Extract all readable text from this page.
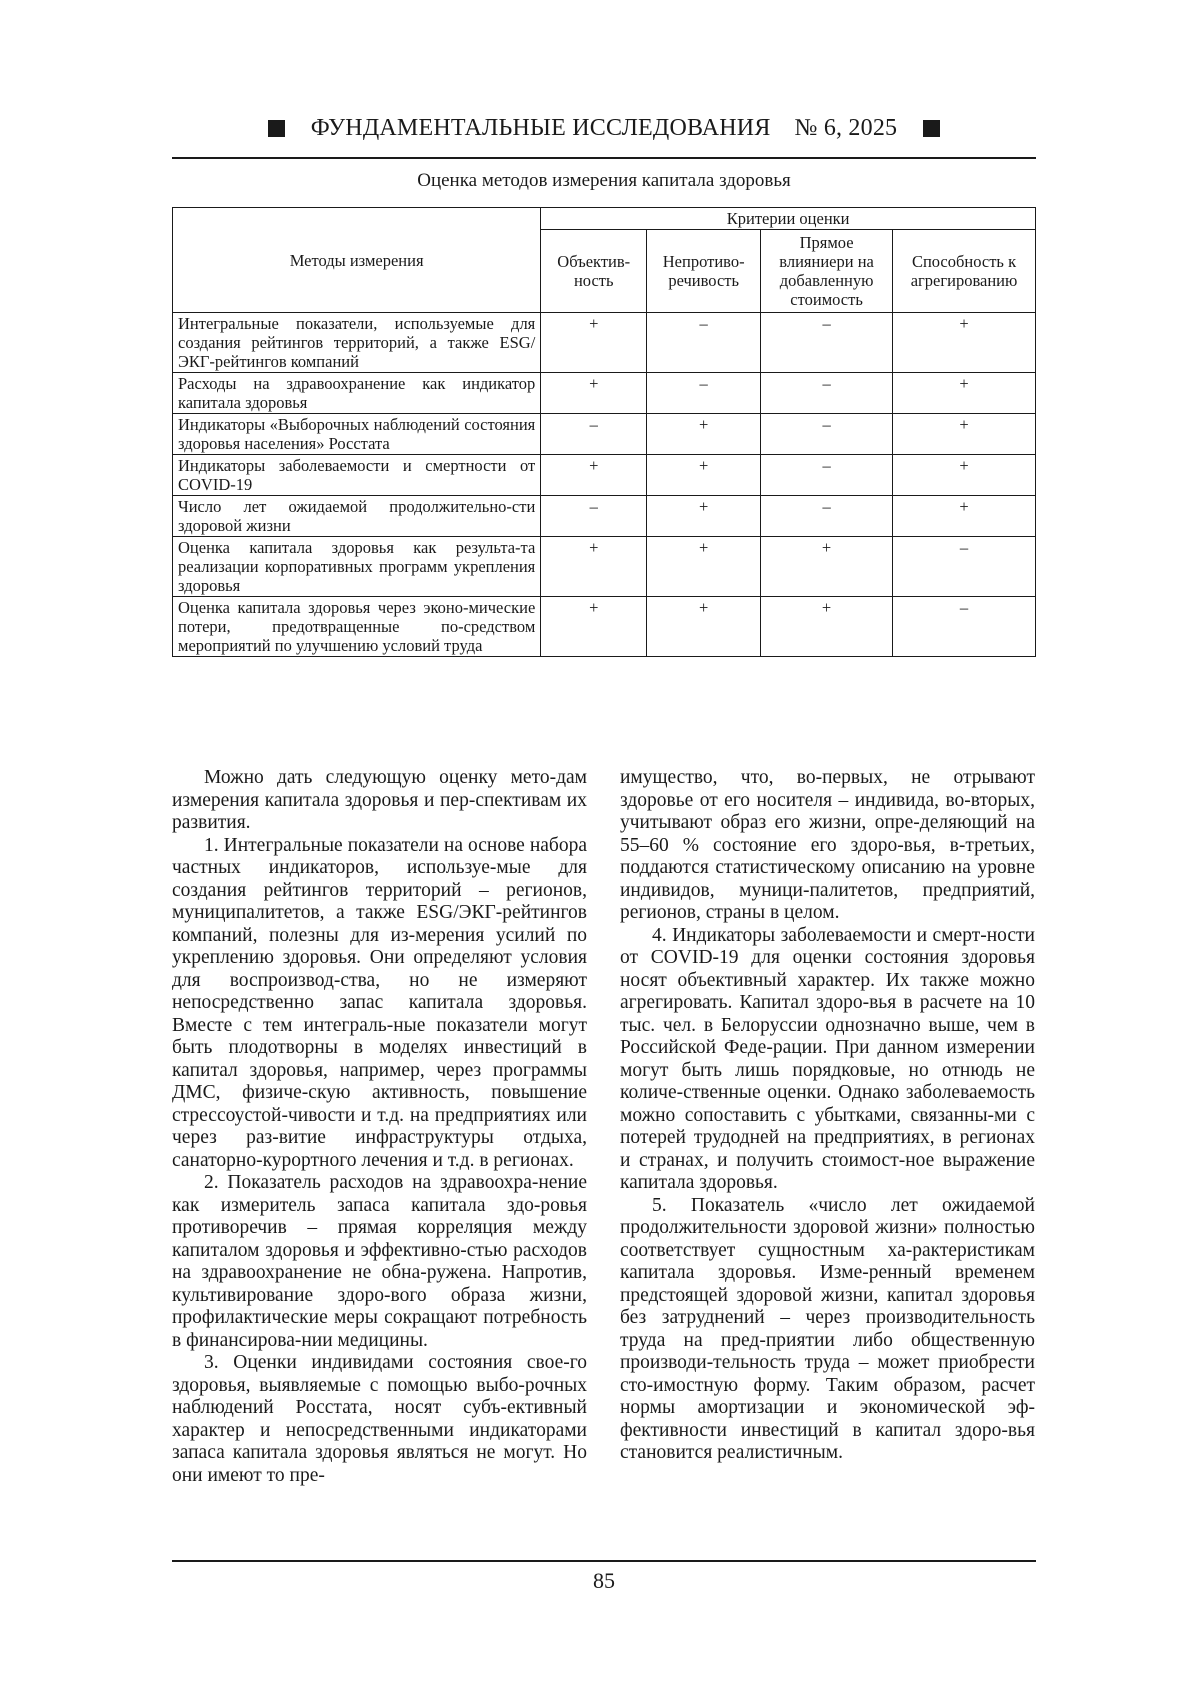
ФУНДАМЕНТАЛЬНЫЕ ИССЛЕДОВАНИЯ № 6, 2025
Оценка методов измерения капитала здоровья
Методы измерения	Критерии оценки			
	Объектив-ность	Непротиво-речивость	Прямое влияниери на добавленную стоимость	Способность к агрегированию
Интегральные показатели, используемые для создания рейтингов территорий, а также ESG/ЭКГ-рейтингов компаний	+	–	–	+
Расходы на здравоохранение как индикатор капитала здоровья	+	–	–	+
Индикаторы «Выборочных наблюдений состояния здоровья населения» Росстата	–	+	–	+
Индикаторы заболеваемости и смертности от COVID-19	+	+	–	+
Число лет ожидаемой продолжительно-сти здоровой жизни	–	+	–	+
Оценка капитала здоровья как результа-та реализации корпоративных программ укрепления здоровья	+	+	+	–
Оценка капитала здоровья через эконо-мические потери, предотвращенные по-средством мероприятий по улучшению условий труда	+	+	+	–

Можно дать следующую оценку мето-дам измерения капитала здоровья и пер-спективам их развития.

1. Интегральные показатели на основе набора частных индикаторов, используе-мые для создания рейтингов территорий – регионов, муниципалитетов, а также ESG/ЭКГ-рейтингов компаний, полезны для из-мерения усилий по укреплению здоровья. Они определяют условия для воспроизвод-ства, но не измеряют непосредственно запас капитала здоровья. Вместе с тем интеграль-ные показатели могут быть плодотворны в моделях инвестиций в капитал здоровья, например, через программы ДМС, физиче-скую активность, повышение стрессоустой-чивости и т.д. на предприятиях или через раз-витие инфраструктуры отдыха, санаторно-курортного лечения и т.д. в регионах.

2. Показатель расходов на здравоохра-нение как измеритель запаса капитала здо-ровья противоречив – прямая корреляция между капиталом здоровья и эффективно-стью расходов на здравоохранение не обна-ружена. Напротив, культивирование здоро-вого образа жизни, профилактические меры сокращают потребность в финансирова-нии медицины.

3. Оценки индивидами состояния свое-го здоровья, выявляемые с помощью выбо-рочных наблюдений Росстата, носят субъ-ективный характер и непосредственными индикаторами запаса капитала здоровья являться не могут. Но они имеют то пре-

имущество, что, во-первых, не отрывают здоровье от его носителя – индивида, во-вторых, учитывают образ его жизни, опре-деляющий на 55–60 % состояние его здоро-вья, в-третьих, поддаются статистическому описанию на уровне индивидов, муници-палитетов, предприятий, регионов, страны в целом.

4. Индикаторы заболеваемости и смерт-ности от COVID-19 для оценки состояния здоровья носят объективный характер. Их также можно агрегировать. Капитал здоро-вья в расчете на 10 тыс. чел. в Белоруссии однозначно выше, чем в Российской Феде-рации. При данном измерении могут быть лишь порядковые, но отнюдь не количе-ственные оценки. Однако заболеваемость можно сопоставить с убытками, связанны-ми с потерей трудодней на предприятиях, в регионах и странах, и получить стоимост-ное выражение капитала здоровья.

5. Показатель «число лет ожидаемой продолжительности здоровой жизни» полностью соответствует сущностным ха-рактеристикам капитала здоровья. Изме-ренный временем предстоящей здоровой жизни, капитал здоровья без затруднений – через производительность труда на пред-приятии либо общественную производи-тельность труда – может приобрести сто-имостную форму. Таким образом, расчет нормы амортизации и экономической эф-фективности инвестиций в капитал здоро-вья становится реалистичным.

85
